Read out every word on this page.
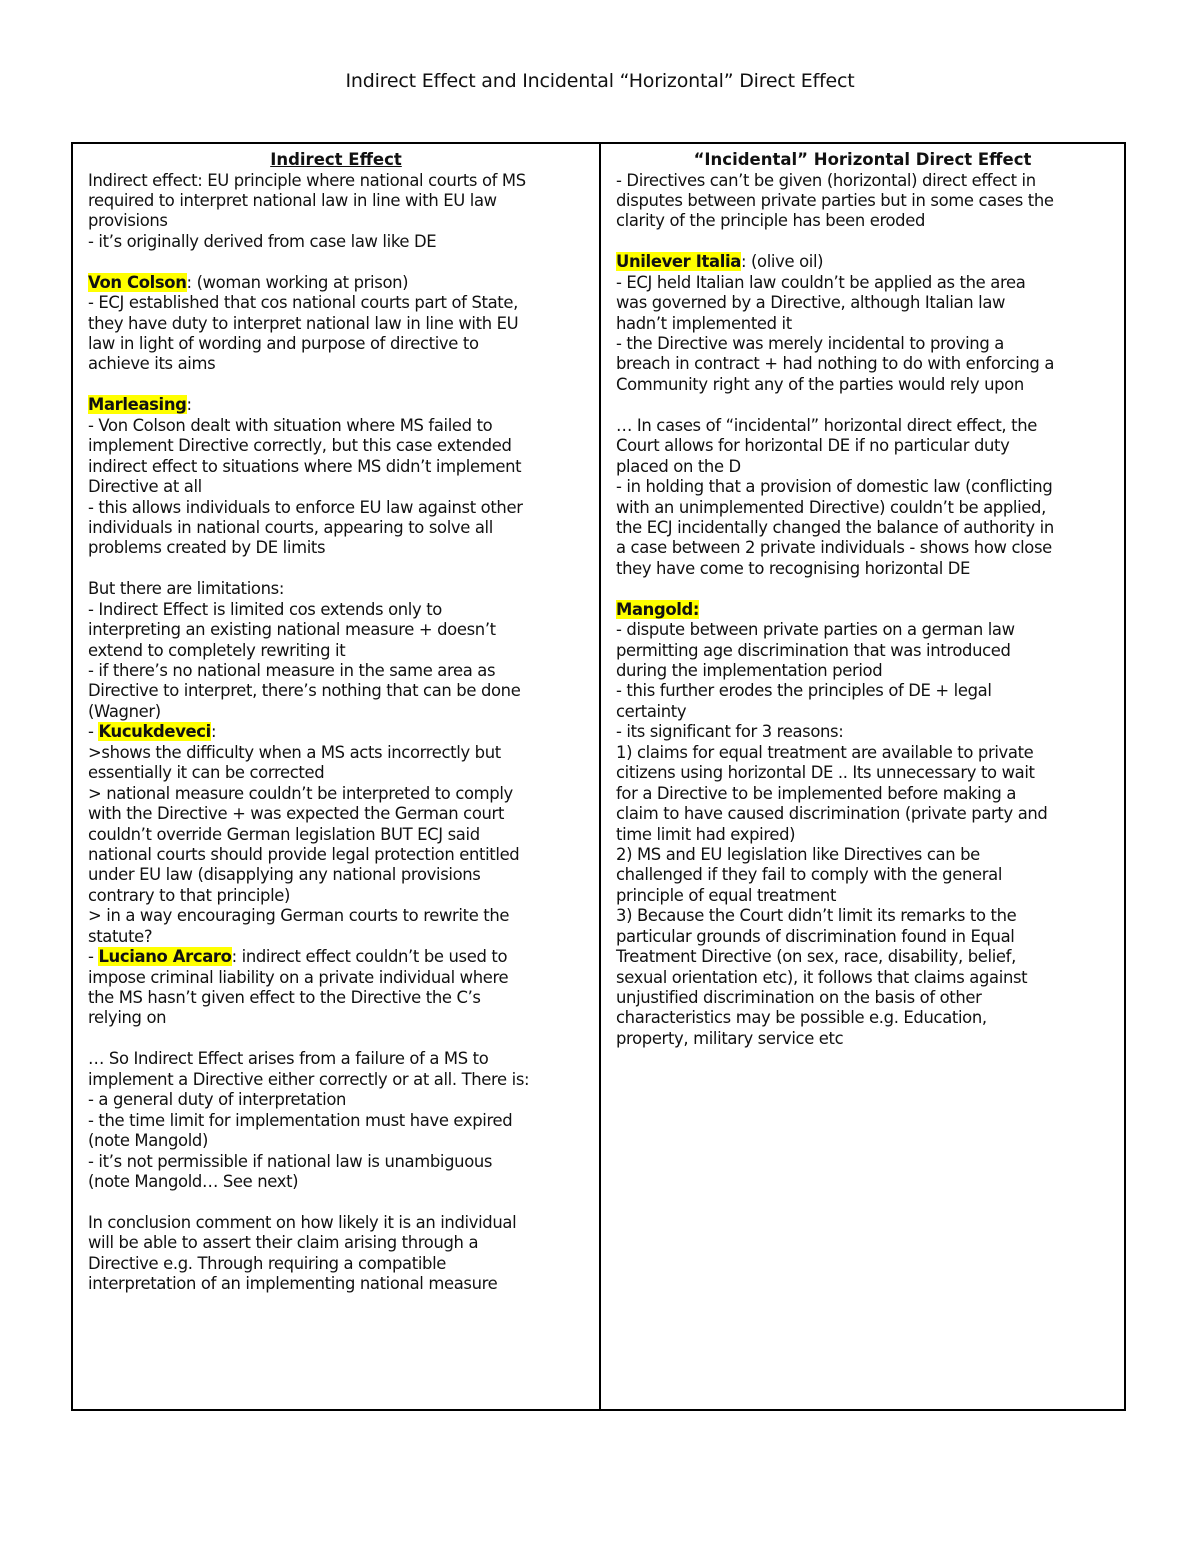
Indirect Effect and Incidental “Horizontal” Direct Effect
Indirect Effect
Indirect effect: EU principle where national courts of MS
required to interpret national law in line with EU law
provisions
- it’s originally derived from case law like DE
Von Colson: (woman working at prison)
- ECJ established that cos national courts part of State,
they have duty to interpret national law in line with EU
law in light of wording and purpose of directive to
achieve its aims
Marleasing:
- Von Colson dealt with situation where MS failed to
implement Directive correctly, but this case extended
indirect effect to situations where MS didn’t implement
Directive at all
- this allows individuals to enforce EU law against other
individuals in national courts, appearing to solve all
problems created by DE limits
But there are limitations:
- Indirect Effect is limited cos extends only to
interpreting an existing national measure + doesn’t
extend to completely rewriting it
- if there’s no national measure in the same area as
Directive to interpret, there’s nothing that can be done
(Wagner)
- Kucukdeveci:
>shows the difficulty when a MS acts incorrectly but
essentially it can be corrected
> national measure couldn’t be interpreted to comply
with the Directive + was expected the German court
couldn’t override German legislation BUT ECJ said
national courts should provide legal protection entitled
under EU law (disapplying any national provisions
contrary to that principle)
> in a way encouraging German courts to rewrite the
statute?
- Luciano Arcaro: indirect effect couldn’t be used to
impose criminal liability on a private individual where
the MS hasn’t given effect to the Directive the C’s
relying on
… So Indirect Effect arises from a failure of a MS to
implement a Directive either correctly or at all. There is:
- a general duty of interpretation
- the time limit for implementation must have expired
(note Mangold)
- it’s not permissible if national law is unambiguous
(note Mangold… See next)
In conclusion comment on how likely it is an individual
will be able to assert their claim arising through a
Directive e.g. Through requiring a compatible
interpretation of an implementing national measure
“Incidental” Horizontal Direct Effect
- Directives can’t be given (horizontal) direct effect in
disputes between private parties but in some cases the
clarity of the principle has been eroded
Unilever Italia: (olive oil)
- ECJ held Italian law couldn’t be applied as the area
was governed by a Directive, although Italian law
hadn’t implemented it
- the Directive was merely incidental to proving a
breach in contract + had nothing to do with enforcing a
Community right any of the parties would rely upon
… In cases of “incidental” horizontal direct effect, the
Court allows for horizontal DE if no particular duty
placed on the D
- in holding that a provision of domestic law (conflicting
with an unimplemented Directive) couldn’t be applied,
the ECJ incidentally changed the balance of authority in
a case between 2 private individuals - shows how close
they have come to recognising horizontal DE
Mangold:
- dispute between private parties on a german law
permitting age discrimination that was introduced
during the implementation period
- this further erodes the principles of DE + legal
certainty
- its significant for 3 reasons:
1) claims for equal treatment are available to private
citizens using horizontal DE .. Its unnecessary to wait
for a Directive to be implemented before making a
claim to have caused discrimination (private party and
time limit had expired)
2) MS and EU legislation like Directives can be
challenged if they fail to comply with the general
principle of equal treatment
3) Because the Court didn’t limit its remarks to the
particular grounds of discrimination found in Equal
Treatment Directive (on sex, race, disability, belief,
sexual orientation etc), it follows that claims against
unjustified discrimination on the basis of other
characteristics may be possible e.g. Education,
property, military service etc
